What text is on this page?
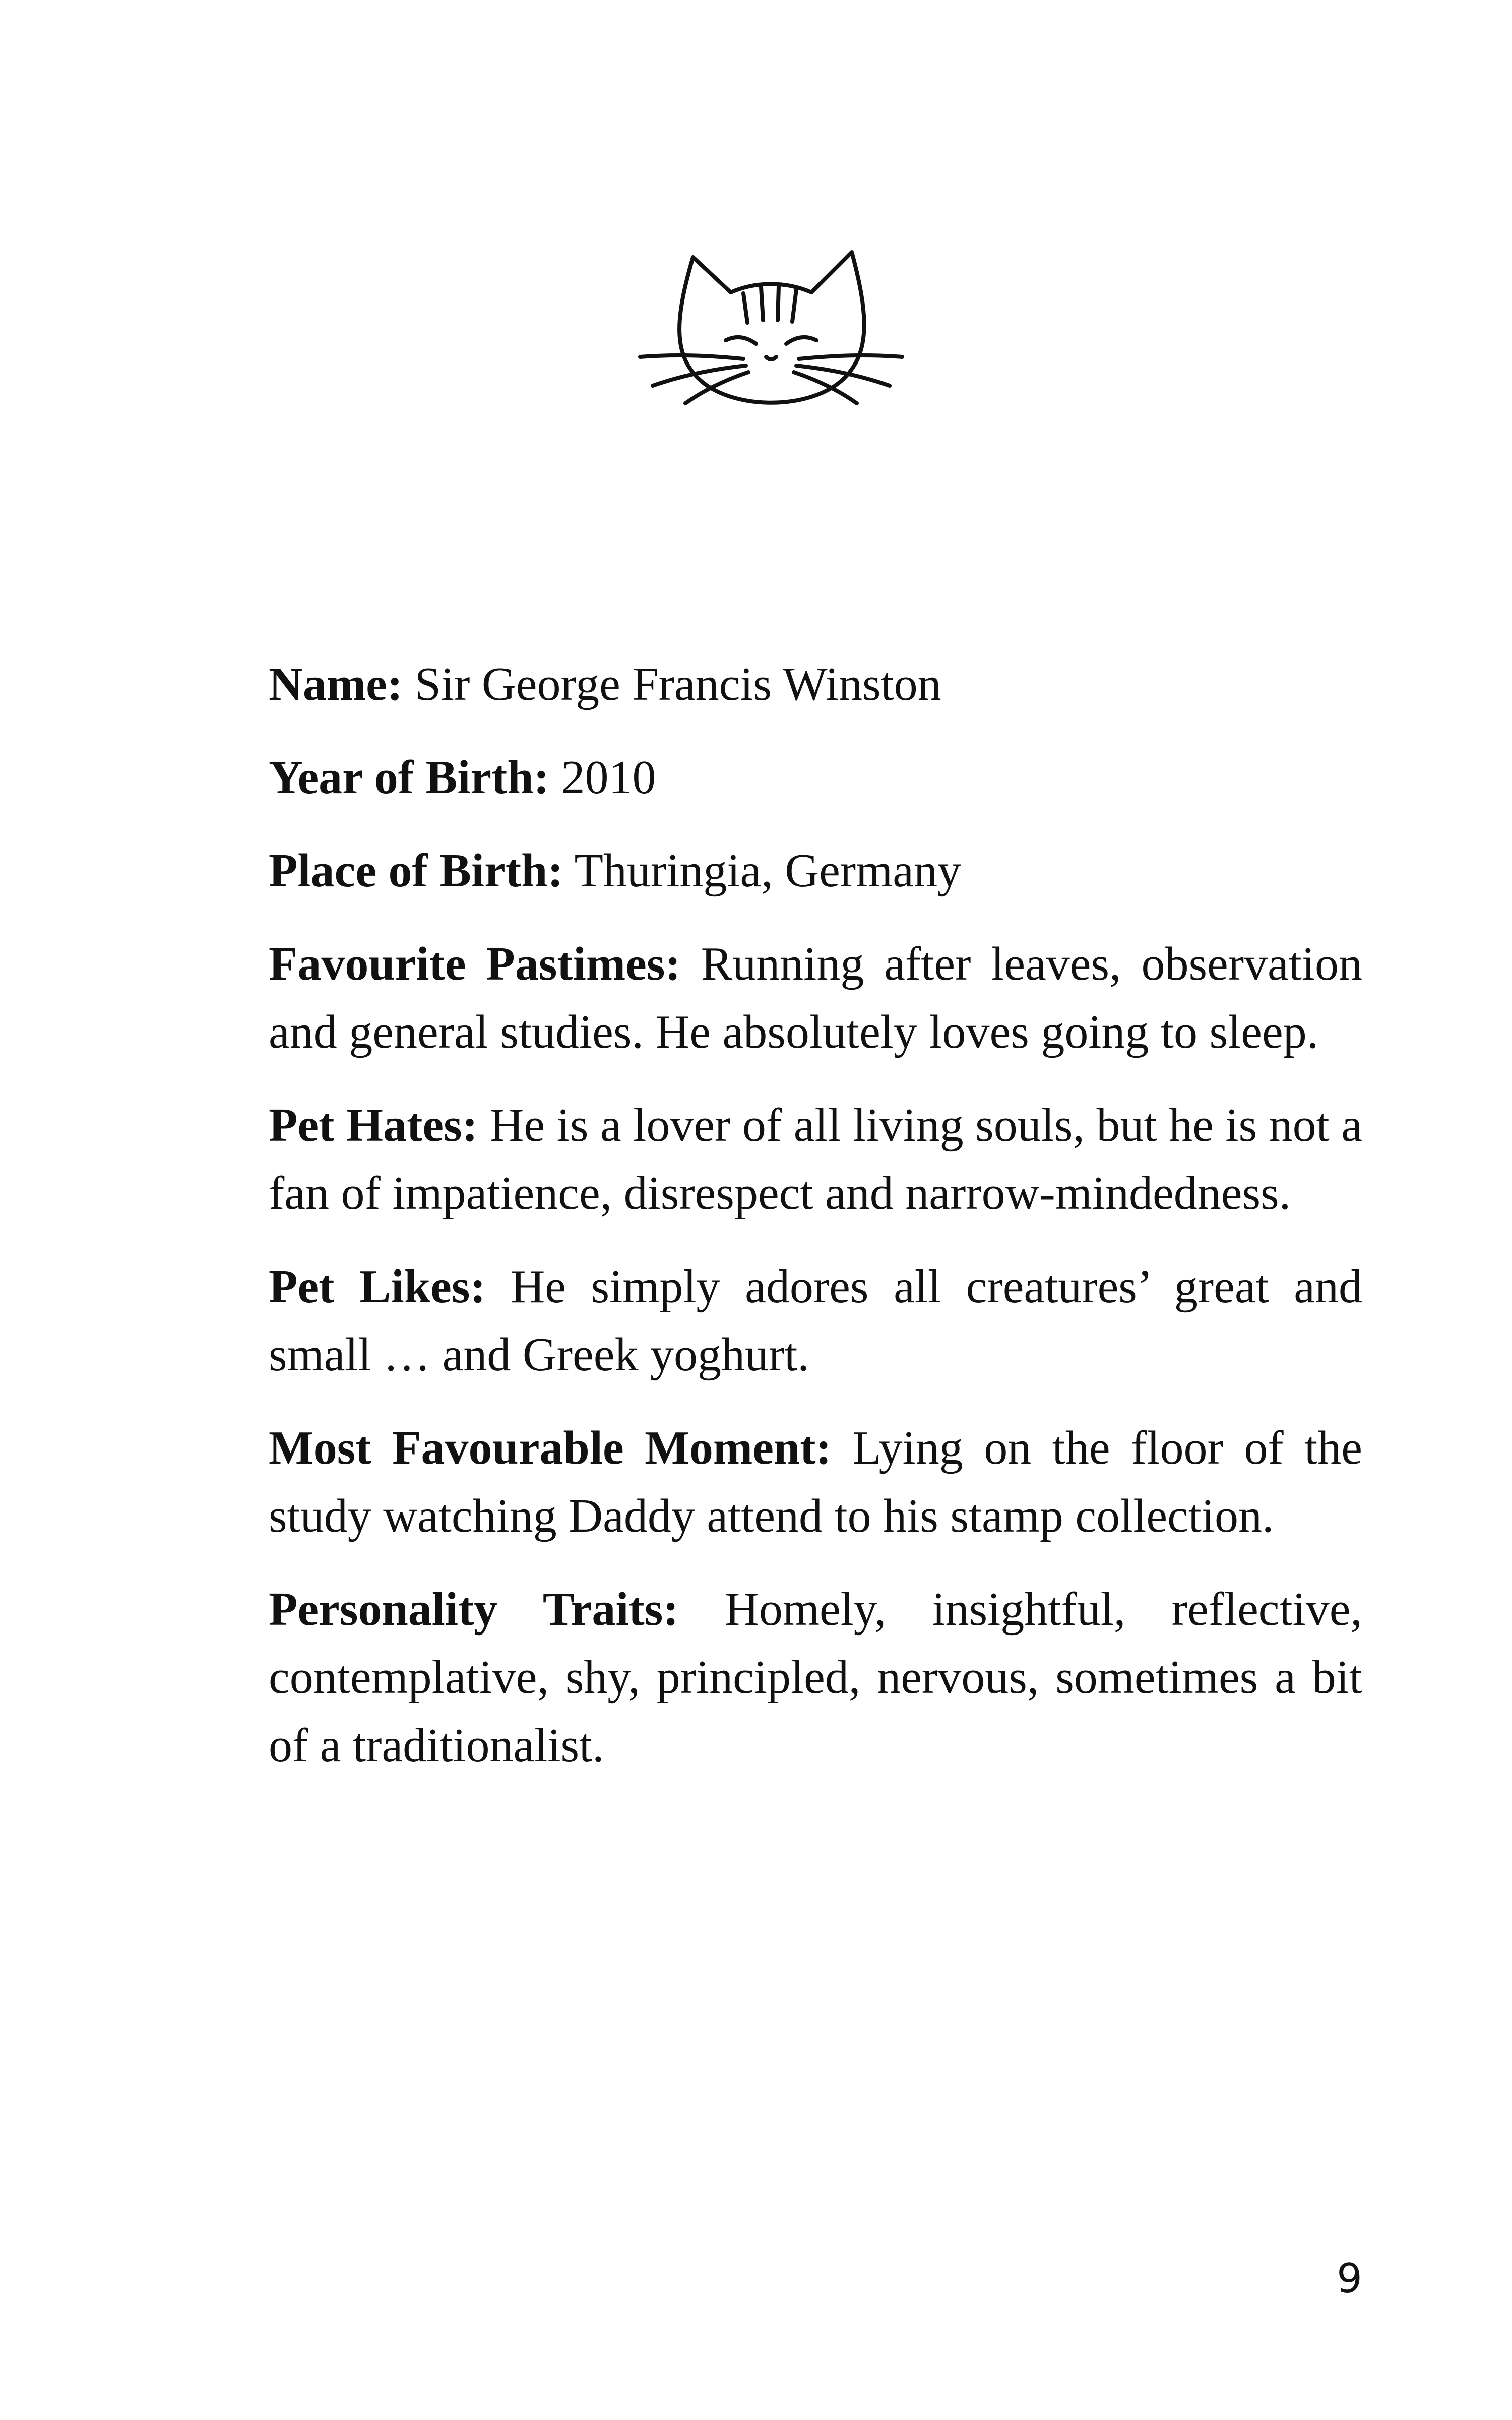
Name: Sir George Francis Winston

Year of Birth: 2010

Place of Birth: Thuringia, Germany

Favourite Pastimes: Running after leaves, observation and general studies. He absolutely loves going to sleep.

Pet Hates: He is a lover of all living souls, but he is not a fan of impatience, disrespect and narrow-mindedness.

Pet Likes: He simply adores all creatures’ great and small … and Greek yoghurt.

Most Favourable Moment: Lying on the floor of the study watching Daddy attend to his stamp collection.

Personality Traits: Homely, insightful, reflective, contemplative, shy, principled, nervous, sometimes a bit of a traditionalist.

9
